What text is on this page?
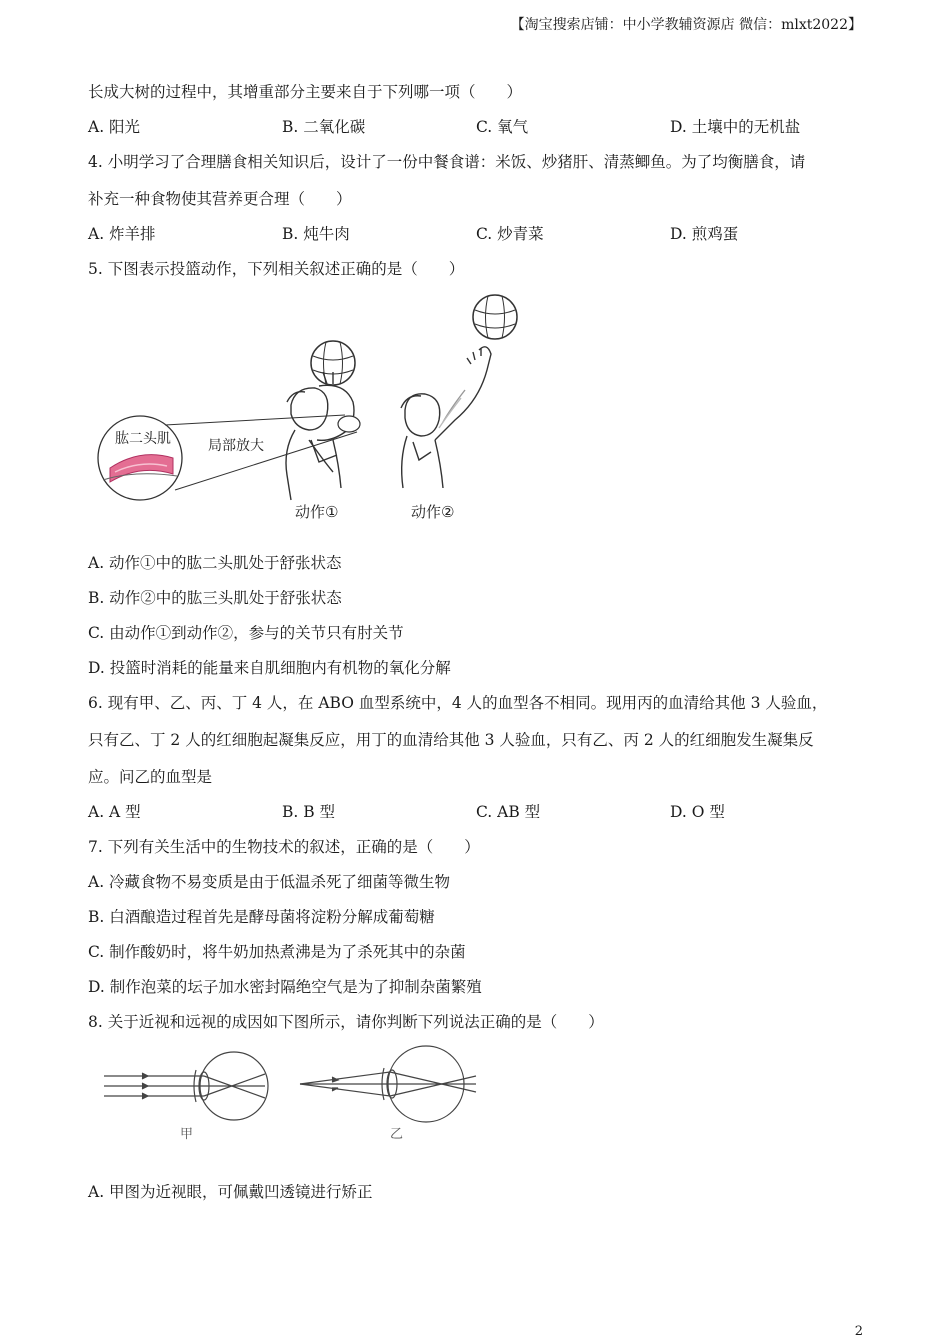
【淘宝搜索店铺：中小学教辅资源店 微信：mlxt2022】
长成大树的过程中，其增重部分主要来自于下列哪一项（　　）
A. 阳光	B. 二氧化碳	C. 氧气	D. 土壤中的无机盐
4. 小明学习了合理膳食相关知识后，设计了一份中餐食谱：米饭、炒猪肝、清蒸鲫鱼。为了均衡膳食，请
补充一种食物使其营养更合理（　　）
A. 炸羊排	B. 炖牛肉	C. 炒青菜	D. 煎鸡蛋
5. 下图表示投篮动作，下列相关叙述正确的是（　　）
肱二头肌	局部放大
动作①	动作②
A. 动作①中的肱二头肌处于舒张状态
B. 动作②中的肱三头肌处于舒张状态
C. 由动作①到动作②，参与的关节只有肘关节
D. 投篮时消耗的能量来自肌细胞内有机物的氧化分解
6. 现有甲、乙、丙、丁 4 人，在 ABO 血型系统中，4 人的血型各不相同。现用丙的血清给其他 3 人验血，
只有乙、丁 2 人的红细胞起凝集反应，用丁的血清给其他 3 人验血，只有乙、丙 2 人的红细胞发生凝集反
应。问乙的血型是
A. A 型	B. B 型	C. AB 型	D. O 型
7. 下列有关生活中的生物技术的叙述，正确的是（　　）
A. 冷藏食物不易变质是由于低温杀死了细菌等微生物
B. 白酒酿造过程首先是酵母菌将淀粉分解成葡萄糖
C. 制作酸奶时，将牛奶加热煮沸是为了杀死其中的杂菌
D. 制作泡菜的坛子加水密封隔绝空气是为了抑制杂菌繁殖
8. 关于近视和远视的成因如下图所示，请你判断下列说法正确的是（　　）
甲	乙
A. 甲图为近视眼，可佩戴凹透镜进行矫正
2
